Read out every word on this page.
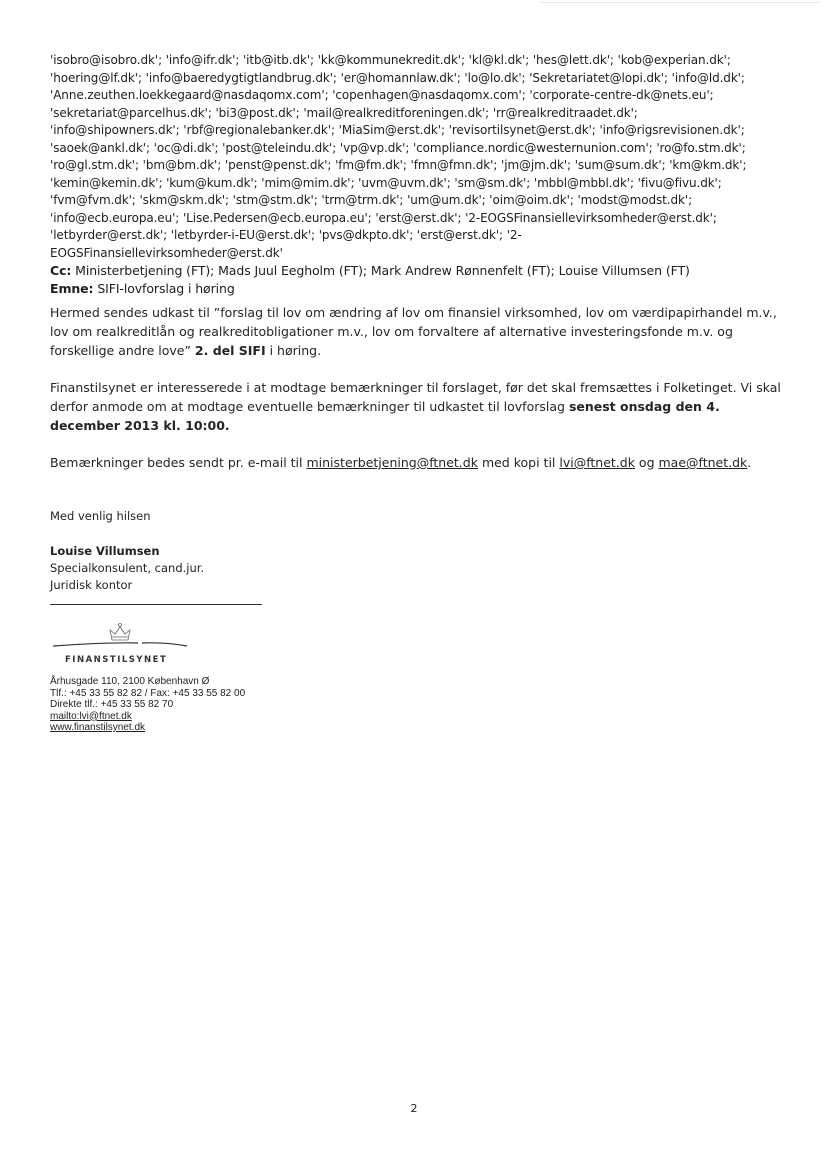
'isobro@isobro.dk'; 'info@ifr.dk'; 'itb@itb.dk'; 'kk@kommunekredit.dk'; 'kl@kl.dk'; 'hes@lett.dk'; 'kob@experian.dk';
'hoering@lf.dk'; 'info@baeredygtigtlandbrug.dk'; 'er@homannlaw.dk'; 'lo@lo.dk'; 'Sekretariatet@lopi.dk'; 'info@ld.dk';
'Anne.zeuthen.loekkegaard@nasdaqomx.com'; 'copenhagen@nasdaqomx.com'; 'corporate-centre-dk@nets.eu';
'sekretariat@parcelhus.dk'; 'bi3@post.dk'; 'mail@realkreditforeningen.dk'; 'rr@realkreditraadet.dk';
'info@shipowners.dk'; 'rbf@regionalebanker.dk'; 'MiaSim@erst.dk'; 'revisortilsynet@erst.dk'; 'info@rigsrevisionen.dk';
'saoek@ankl.dk'; 'oc@di.dk'; 'post@teleindu.dk'; 'vp@vp.dk'; 'compliance.nordic@westernunion.com'; 'ro@fo.stm.dk';
'ro@gl.stm.dk'; 'bm@bm.dk'; 'penst@penst.dk'; 'fm@fm.dk'; 'fmn@fmn.dk'; 'jm@jm.dk'; 'sum@sum.dk'; 'km@km.dk';
'kemin@kemin.dk'; 'kum@kum.dk'; 'mim@mim.dk'; 'uvm@uvm.dk'; 'sm@sm.dk'; 'mbbl@mbbl.dk'; 'fivu@fivu.dk';
'fvm@fvm.dk'; 'skm@skm.dk'; 'stm@stm.dk'; 'trm@trm.dk'; 'um@um.dk'; 'oim@oim.dk'; 'modst@modst.dk';
'info@ecb.europa.eu'; 'Lise.Pedersen@ecb.europa.eu'; 'erst@erst.dk'; '2-EOGSFinansiellevirksomheder@erst.dk';
'letbyrder@erst.dk'; 'letbyrder-i-EU@erst.dk'; 'pvs@dkpto.dk'; 'erst@erst.dk'; '2-
EOGSFinansiellevirksomheder@erst.dk'
Cc: Ministerbetjening (FT); Mads Juul Eegholm (FT); Mark Andrew Rønnenfelt (FT); Louise Villumsen (FT)
Emne: SIFI-lovforslag i høring
Hermed sendes udkast til ”forslag til lov om ændring af lov om finansiel virksomhed, lov om værdipapirhandel m.v., lov om realkreditlån og realkreditobligationer m.v., lov om forvaltere af alternative investeringsfonde m.v. og forskellige andre love” 2. del SIFI i høring.
Finanstilsynet er interesserede i at modtage bemærkninger til forslaget, før det skal fremsættes i Folketinget. Vi skal derfor anmode om at modtage eventuelle bemærkninger til udkastet til lovforslag senest onsdag den 4. december 2013 kl. 10:00.
Bemærkninger bedes sendt pr. e-mail til ministerbetjening@ftnet.dk med kopi til lvi@ftnet.dk og mae@ftnet.dk.
Med venlig hilsen
Louise Villumsen
Specialkonsulent, cand.jur.
Juridisk kontor
FINANSTILSYNET
Århusgade 110, 2100 København Ø
Tlf.: +45 33 55 82 82 / Fax: +45 33 55 82 00
Direkte tlf.: +45 33 55 82 70
mailto:lvi@ftnet.dk
www.finanstilsynet.dk
2
